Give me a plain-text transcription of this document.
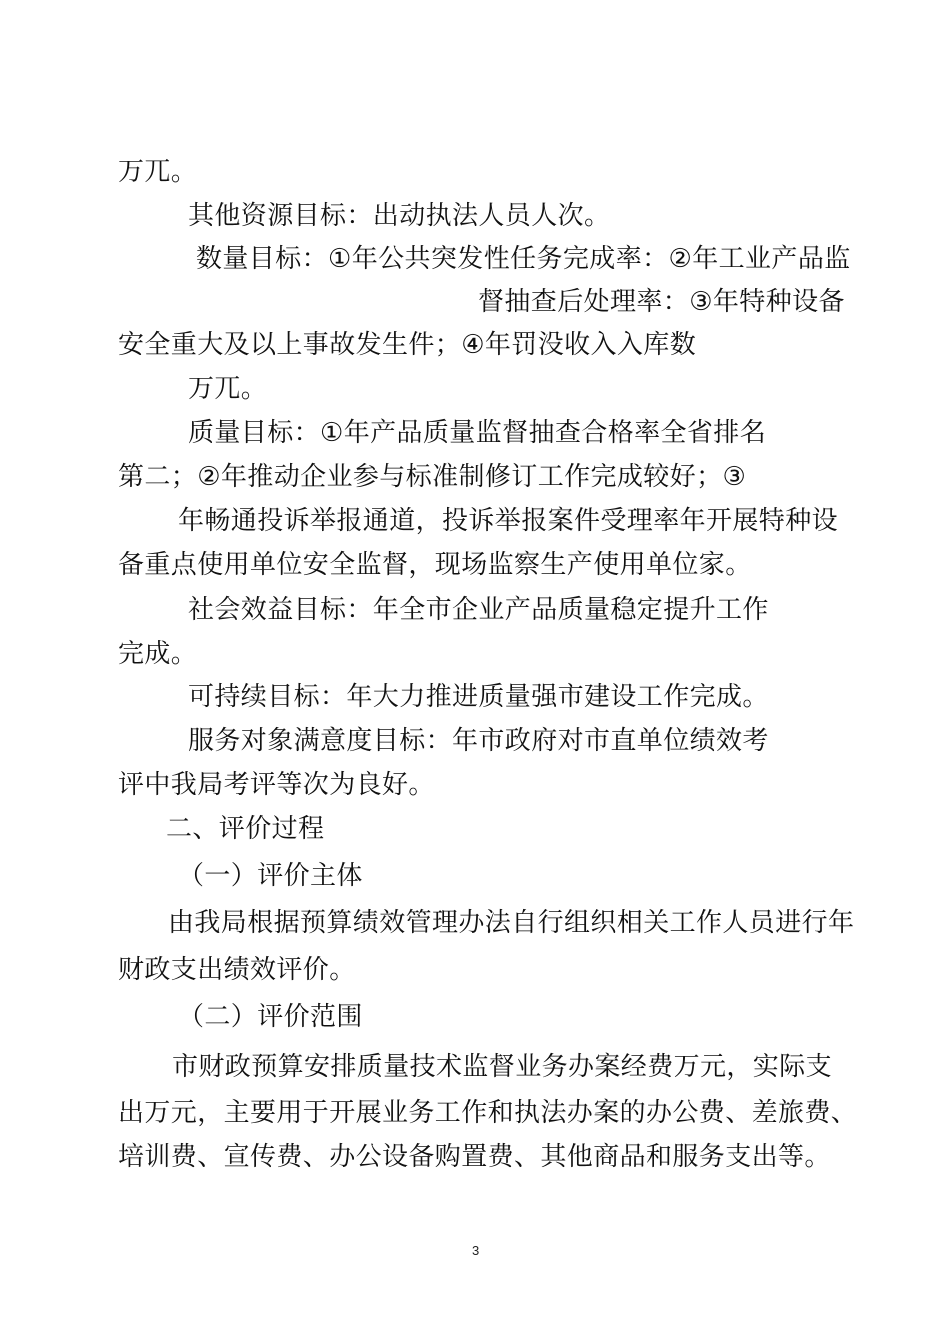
万兀。
其他资源目标：出动执法人员人次。
数量目标：①年公共突发性任务完成率：②年工业产品监
督抽查后处理率：③年特种设备
安全重大及以上事故发生件；④年罚没收入入库数
万兀。
质量目标：①年产品质量监督抽查合格率全省排名
第二；②年推动企业参与标准制修订工作完成较好；③
年畅通投诉举报通道，投诉举报案件受理率年开展特种设
备重点使用单位安全监督，现场监察生产使用单位家。
社会效益目标：年全市企业产品质量稳定提升工作
完成。
可持续目标：年大力推进质量强市建设工作完成。
服务对象满意度目标：年市政府对市直单位绩效考
评中我局考评等次为良好。
二、评价过程
（一）评价主体
由我局根据预算绩效管理办法自行组织相关工作人员进行年
财政支出绩效评价。
（二）评价范围
市财政预算安排质量技术监督业务办案经费万元，实际支
出万元，主要用于开展业务工作和执法办案的办公费、差旅费、
培训费、宣传费、办公设备购置费、其他商品和服务支出等。
3
